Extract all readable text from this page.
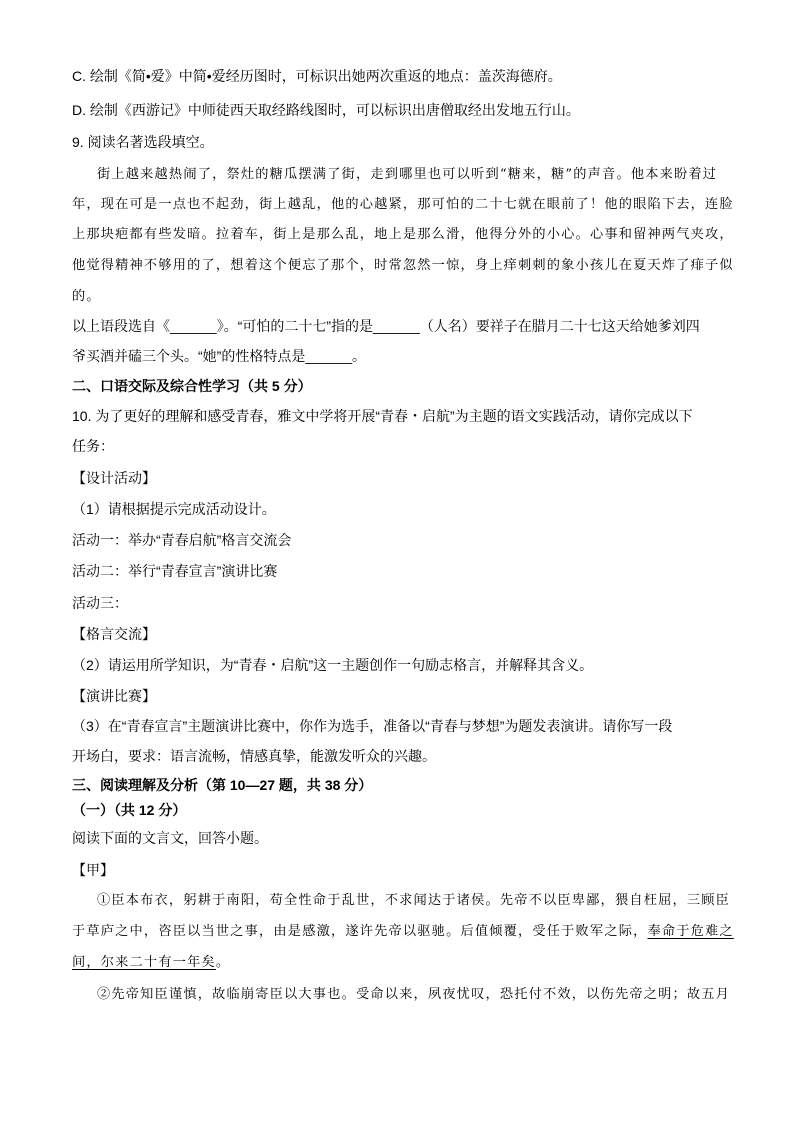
C. 绘制《简•爱》中简•爱经历图时，可标识出她两次重返的地点：盖茨海德府。
D. 绘制《西游记》中师徒西天取经路线图时，可以标识出唐僧取经出发地五行山。
9. 阅读名著选段填空。
街上越来越热闹了，祭灶的糖瓜摆满了街，走到哪里也可以听到“糖来，糖”的声音。他本来盼着过
年，现在可是一点也不起劲，街上越乱，他的心越紧，那可怕的二十七就在眼前了！他的眼陷下去，连脸
上那块疤都有些发暗。拉着车，街上是那么乱，地上是那么滑，他得分外的小心。心事和留神两气夹攻，
他觉得精神不够用的了，想着这个便忘了那个，时常忽然一惊，身上痒刺刺的象小孩儿在夏天炸了痱子似
的。
以上语段选自《______》。“可怕的二十七”指的是______（人名）要祥子在腊月二十七这天给她爹刘四
爷买酒并磕三个头。“她”的性格特点是______。
二、口语交际及综合性学习（共 5 分）
10. 为了更好的理解和感受青春，雅文中学将开展“青春・启航”为主题的语文实践活动，请你完成以下
任务：
【设计活动】
（1）请根据提示完成活动设计。
活动一：举办“青春启航”格言交流会
活动二：举行“青春宣言”演讲比赛
活动三：
【格言交流】
（2）请运用所学知识，为“青春・启航”这一主题创作一句励志格言，并解释其含义。
【演讲比赛】
（3）在“青春宣言”主题演讲比赛中，你作为选手，准备以“青春与梦想”为题发表演讲。请你写一段
开场白，要求：语言流畅，情感真挚，能激发听众的兴趣。
三、阅读理解及分析（第 10—27 题，共 38 分）
（一）（共 12 分）
阅读下面的文言文，回答小题。
【甲】
①臣本布衣，躬耕于南阳，苟全性命于乱世，不求闻达于诸侯。先帝不以臣卑鄙，猥自枉屈，三顾臣
于草庐之中，咨臣以当世之事，由是感激，遂许先帝以驱驰。后值倾覆，受任于败军之际，奉命于危难之
间，尔来二十有一年矣。
②先帝知臣谨慎，故临崩寄臣以大事也。受命以来，夙夜忧叹，恐托付不效，以伤先帝之明；故五月
